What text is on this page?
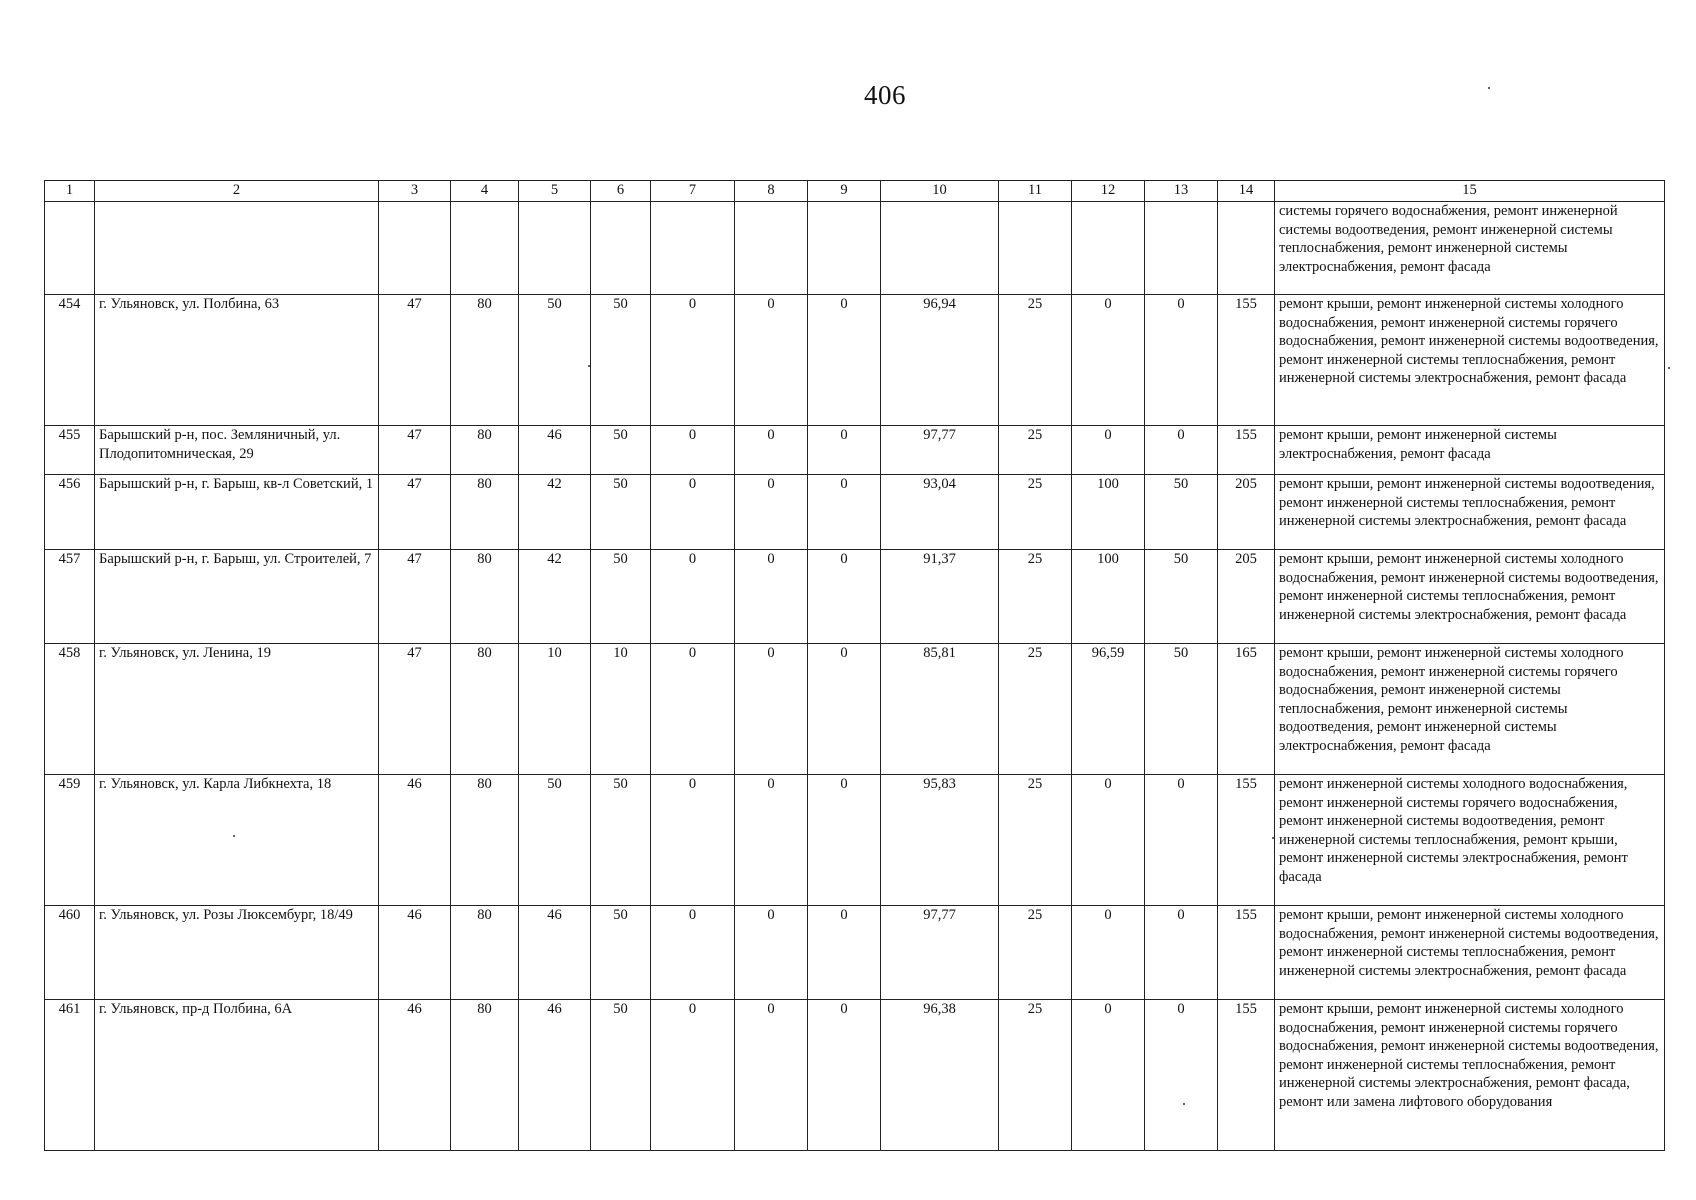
406
1	2	3	4	5	6	7	8	9	10	11	12	13	14	15
														системы горячего водоснабжения, ремонт инженерной системы водоотведения, ремонт инженерной системы теплоснабжения, ремонт инженерной системы электроснабжения, ремонт фасада
454	г. Ульяновск, ул. Полбина, 63	47	80	50	50	0	0	0	96,94	25	0	0	155	ремонт крыши, ремонт инженерной системы холодного водоснабжения, ремонт инженерной системы горячего водоснабжения, ремонт инженерной системы водоотведения, ремонт инженерной системы теплоснабжения, ремонт инженерной системы электроснабжения, ремонт фасада
455	Барышский р-н, пос. Земляничный, ул. Плодопитомническая, 29	47	80	46	50	0	0	0	97,77	25	0	0	155	ремонт крыши, ремонт инженерной системы электроснабжения, ремонт фасада
456	Барышский р-н, г. Барыш, кв-л Советский, 1	47	80	42	50	0	0	0	93,04	25	100	50	205	ремонт крыши, ремонт инженерной системы водоотведения, ремонт инженерной системы теплоснабжения, ремонт инженерной системы электроснабжения, ремонт фасада
457	Барышский р-н, г. Барыш, ул. Строителей, 7	47	80	42	50	0	0	0	91,37	25	100	50	205	ремонт крыши, ремонт инженерной системы холодного водоснабжения, ремонт инженерной системы водоотведения, ремонт инженерной системы теплоснабжения, ремонт инженерной системы электроснабжения, ремонт фасада
458	г. Ульяновск, ул. Ленина, 19	47	80	10	10	0	0	0	85,81	25	96,59	50	165	ремонт крыши, ремонт инженерной системы холодного водоснабжения, ремонт инженерной системы горячего водоснабжения, ремонт инженерной системы теплоснабжения, ремонт инженерной системы водоотведения, ремонт инженерной системы электроснабжения, ремонт фасада
459	г. Ульяновск, ул. Карла Либкнехта, 18	46	80	50	50	0	0	0	95,83	25	0	0	155	ремонт инженерной системы холодного водоснабжения, ремонт инженерной системы горячего водоснабжения, ремонт инженерной системы водоотведения, ремонт инженерной системы теплоснабжения, ремонт крыши, ремонт инженерной системы электроснабжения, ремонт фасада
460	г. Ульяновск, ул. Розы Люксембург, 18/49	46	80	46	50	0	0	0	97,77	25	0	0	155	ремонт крыши, ремонт инженерной системы холодного водоснабжения, ремонт инженерной системы водоотведения, ремонт инженерной системы теплоснабжения, ремонт инженерной системы электроснабжения, ремонт фасада
461	г. Ульяновск, пр-д Полбина, 6А	46	80	46	50	0	0	0	96,38	25	0	0	155	ремонт крыши, ремонт инженерной системы холодного водоснабжения, ремонт инженерной системы горячего водоснабжения, ремонт инженерной системы водоотведения, ремонт инженерной системы теплоснабжения, ремонт инженерной системы электроснабжения, ремонт фасада, ремонт или замена лифтового оборудования
